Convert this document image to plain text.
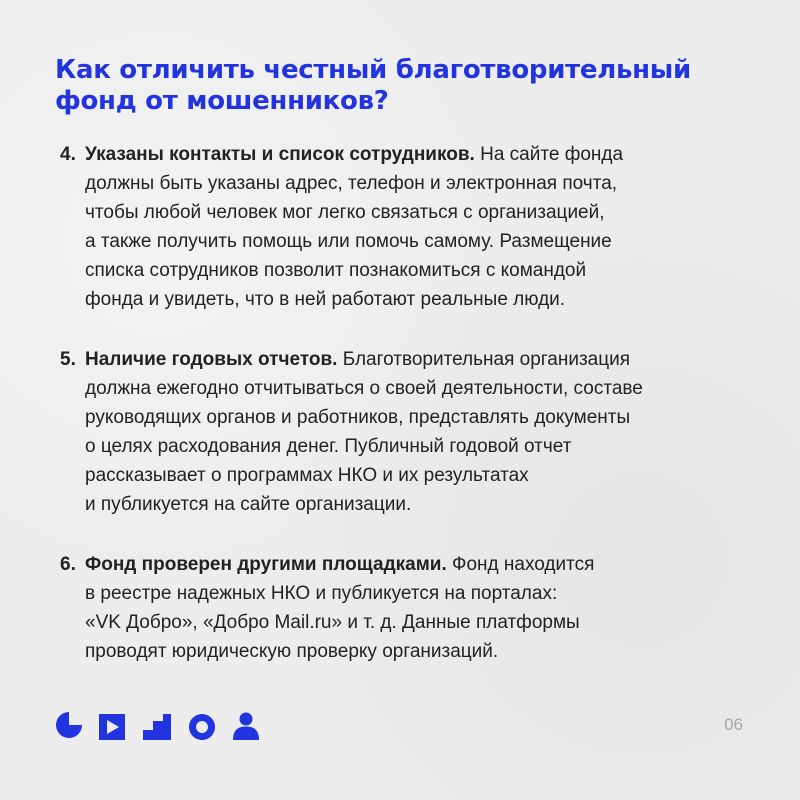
Как отличить честный благотворительный
фонд от мошенников?
4. Указаны контакты и список сотрудников. На сайте фонда
должны быть указаны адрес, телефон и электронная почта,
чтобы любой человек мог легко связаться с организацией,
а также получить помощь или помочь самому. Размещение
списка сотрудников позволит познакомиться с командой
фонда и увидеть, что в ней работают реальные люди.
5. Наличие годовых отчетов. Благотворительная организация
должна ежегодно отчитываться о своей деятельности, составе
руководящих органов и работников, представлять документы
о целях расходования денег. Публичный годовой отчет
рассказывает о программах НКО и их результатах
и публикуется на сайте организации.
6. Фонд проверен другими площадками. Фонд находится
в реестре надежных НКО и публикуется на порталах:
«VK Добро», «Добро Mail.ru» и т. д. Данные платформы
проводят юридическую проверку организаций.
06
